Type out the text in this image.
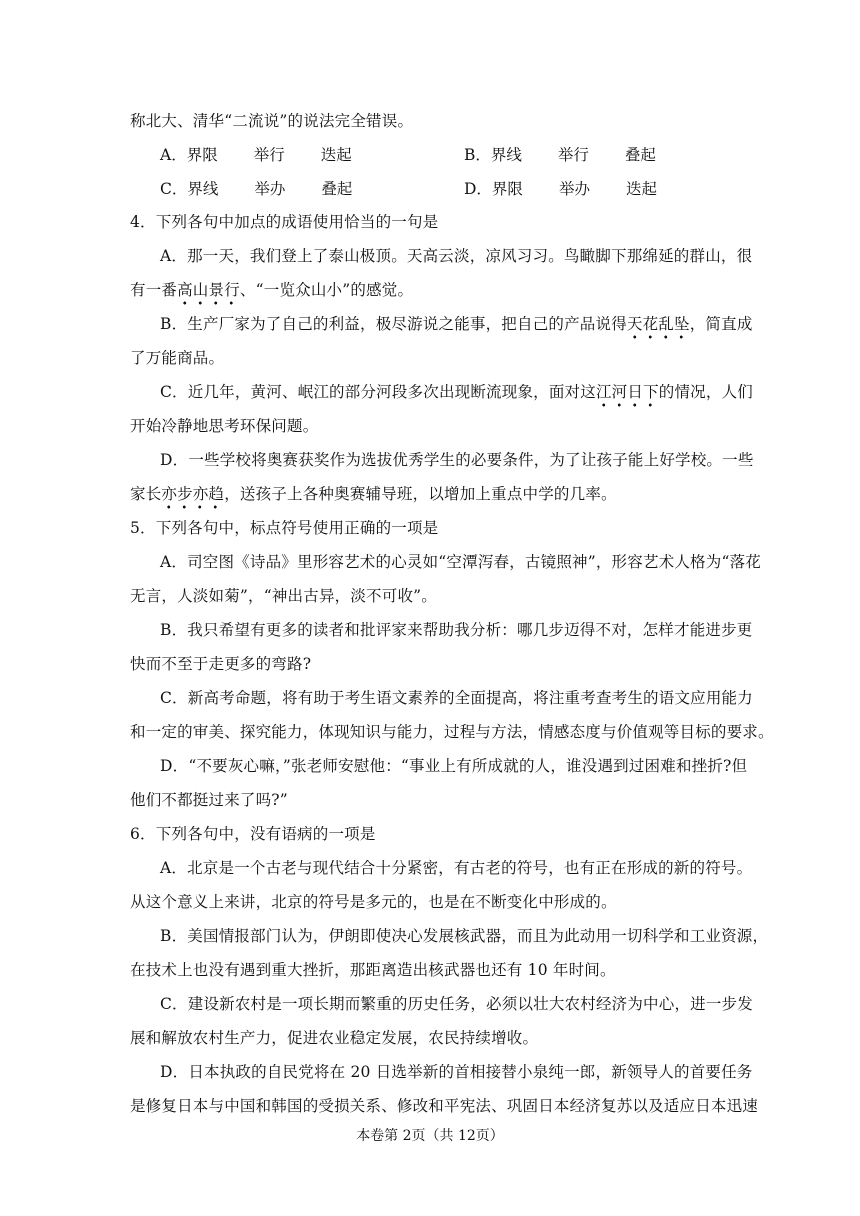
称北大、清华“二流说”的说法完全错误。
A．界限 举行 迭起	B．界线 举行 叠起
C．界线 举办 叠起	D．界限 举办 迭起
4．下列各句中加点的成语使用恰当的一句是
A．那一天，我们登上了泰山极顶。天高云淡，凉风习习。鸟瞰脚下那绵延的群山，很
有一番高山景行、“一览众山小”的感觉。
B．生产厂家为了自己的利益，极尽游说之能事，把自己的产品说得天花乱坠，简直成
了万能商品。
C．近几年，黄河、岷江的部分河段多次出现断流现象，面对这江河日下的情况，人们
开始冷静地思考环保问题。
D．一些学校将奥赛获奖作为选拔优秀学生的必要条件，为了让孩子能上好学校。一些
家长亦步亦趋，送孩子上各种奥赛辅导班，以增加上重点中学的几率。
5．下列各句中，标点符号使用正确的一项是
A．司空图《诗品》里形容艺术的心灵如“空潭泻春，古镜照神”，形容艺术人格为“落花
无言，人淡如菊”，“神出古异，淡不可收”。
B．我只希望有更多的读者和批评家来帮助我分析：哪几步迈得不对，怎样才能进步更
快而不至于走更多的弯路?
C．新高考命题，将有助于考生语文素养的全面提高，将注重考查考生的语文应用能力
和一定的审美、探究能力，体现知识与能力，过程与方法，情感态度与价值观等目标的要求。
D．“不要灰心嘛，”张老师安慰他：“事业上有所成就的人，谁没遇到过困难和挫折?但
他们不都挺过来了吗?”
6．下列各句中，没有语病的一项是
A．北京是一个古老与现代结合十分紧密，有古老的符号，也有正在形成的新的符号。
从这个意义上来讲，北京的符号是多元的，也是在不断变化中形成的。
B．美国情报部门认为，伊朗即使决心发展核武器，而且为此动用一切科学和工业资源，
在技术上也没有遇到重大挫折，那距离造出核武器也还有 10 年时间。
C．建设新农村是一项长期而繁重的历史任务，必须以壮大农村经济为中心，进一步发
展和解放农村生产力，促进农业稳定发展，农民持续增收。
D．日本执政的自民党将在 20 日选举新的首相接替小泉纯一郎，新领导人的首要任务
是修复日本与中国和韩国的受损关系、修改和平宪法、巩固日本经济复苏以及适应日本迅速
本卷第 2页（共 12页）
